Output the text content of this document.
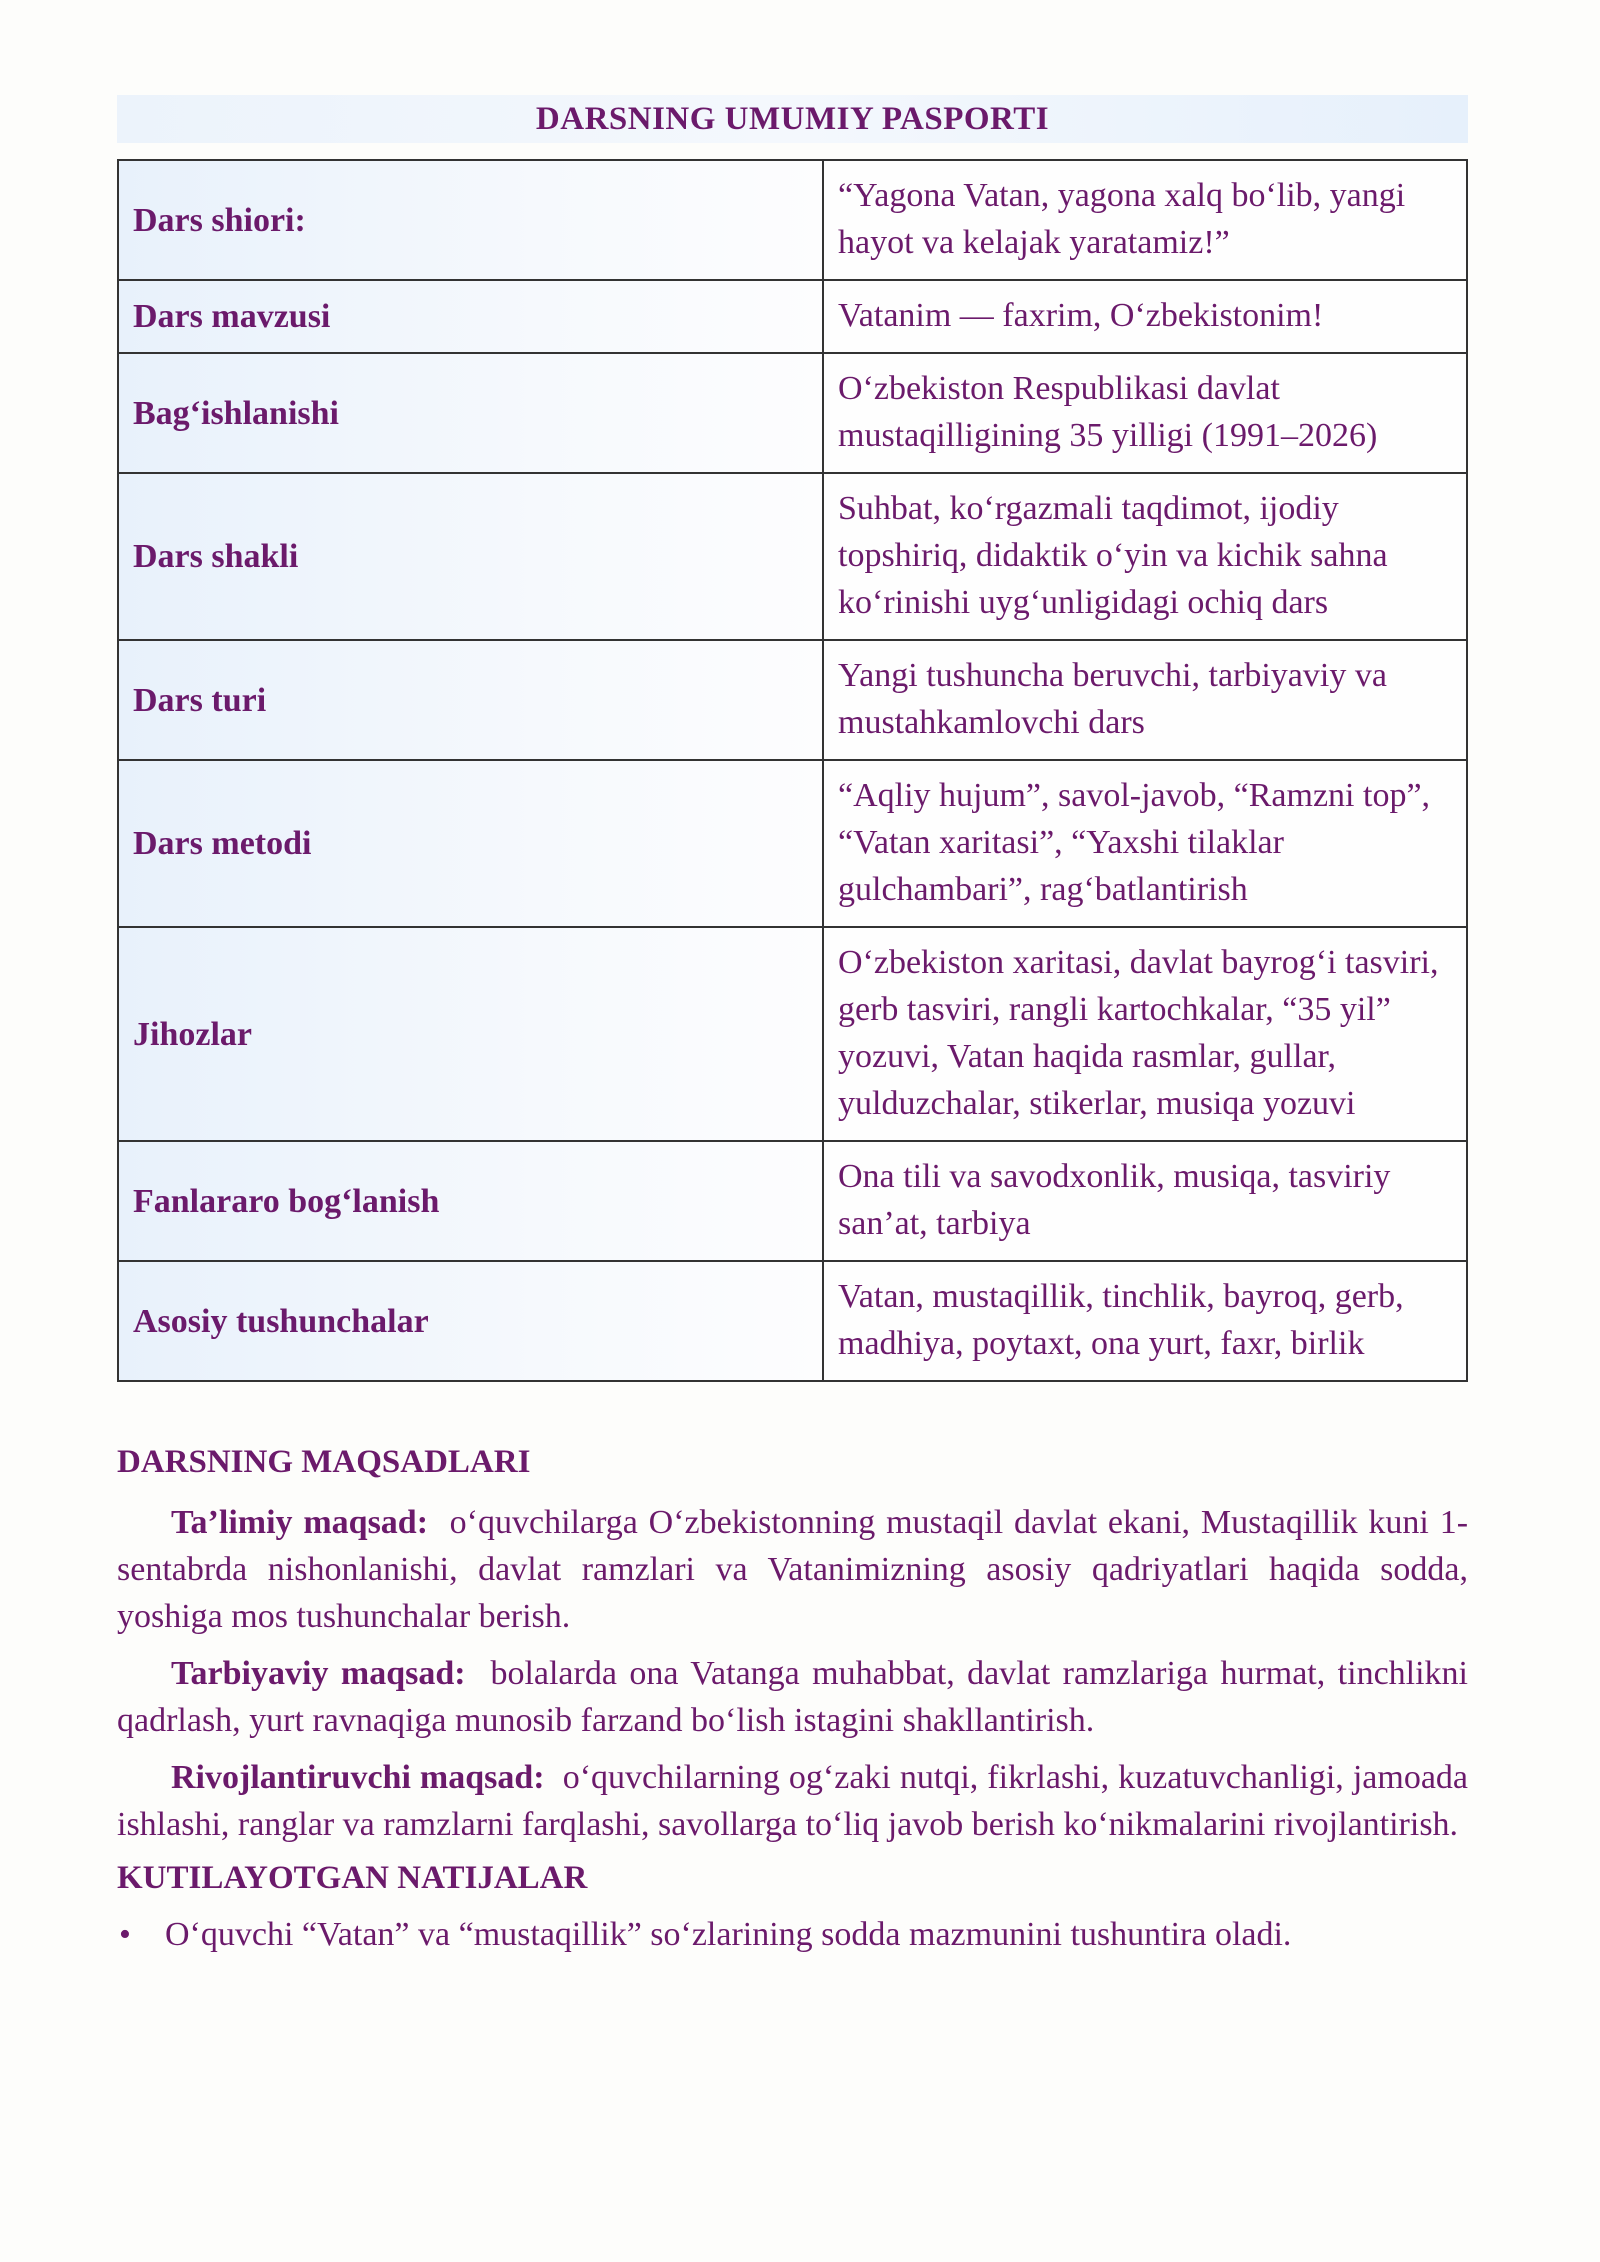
DARSNING UMUMIY PASPORTI
Dars shiori:	“Yagona Vatan, yagona xalq bo‘lib, yangi hayot va kelajak yaratamiz!”
Dars mavzusi	Vatanim — faxrim, O‘zbekistonim!
Bag‘ishlanishi	O‘zbekiston Respublikasi davlat mustaqilligining 35 yilligi (1991–2026)
Dars shakli	Suhbat, ko‘rgazmali taqdimot, ijodiy topshiriq, didaktik o‘yin va kichik sahna ko‘rinishi uyg‘unligidagi ochiq dars
Dars turi	Yangi tushuncha beruvchi, tarbiyaviy va mustahkamlovchi dars
Dars metodi	“Aqliy hujum”, savol-javob, “Ramzni top”, “Vatan xaritasi”, “Yaxshi tilaklar gulchambari”, rag‘batlantirish
Jihozlar	O‘zbekiston xaritasi, davlat bayrog‘i tasviri, gerb tasviri, rangli kartochkalar, “35 yil” yozuvi, Vatan haqida rasmlar, gullar, yulduzchalar, stikerlar, musiqa yozuvi
Fanlararo bog‘lanish	Ona tili va savodxonlik, musiqa, tasviriy san’at, tarbiya
Asosiy tushunchalar	Vatan, mustaqillik, tinchlik, bayroq, gerb, madhiya, poytaxt, ona yurt, faxr, birlik
DARSNING MAQSADLARI

Ta’limiy maqsad: o‘quvchilarga O‘zbekistonning mustaqil davlat ekani, Mustaqillik kuni 1-sentabrda nishonlanishi, davlat ramzlari va Vatanimizning asosiy qadriyatlari haqida sodda, yoshiga mos tushunchalar berish.

Tarbiyaviy maqsad: bolalarda ona Vatanga muhabbat, davlat ramzlariga hurmat, tinchlikni qadrlash, yurt ravnaqiga munosib farzand bo‘lish istagini shakllantirish.

Rivojlantiruvchi maqsad: o‘quvchilarning og‘zaki nutqi, fikrlashi, kuzatuvchanligi, jamoada ishlashi, ranglar va ramzlarni farqlashi, savollarga to‘liq javob berish ko‘nikmalarini rivojlantirish.

KUTILAYOTGAN NATIJALAR
• O‘quvchi “Vatan” va “mustaqillik” so‘zlarining sodda mazmunini tushuntira oladi.
